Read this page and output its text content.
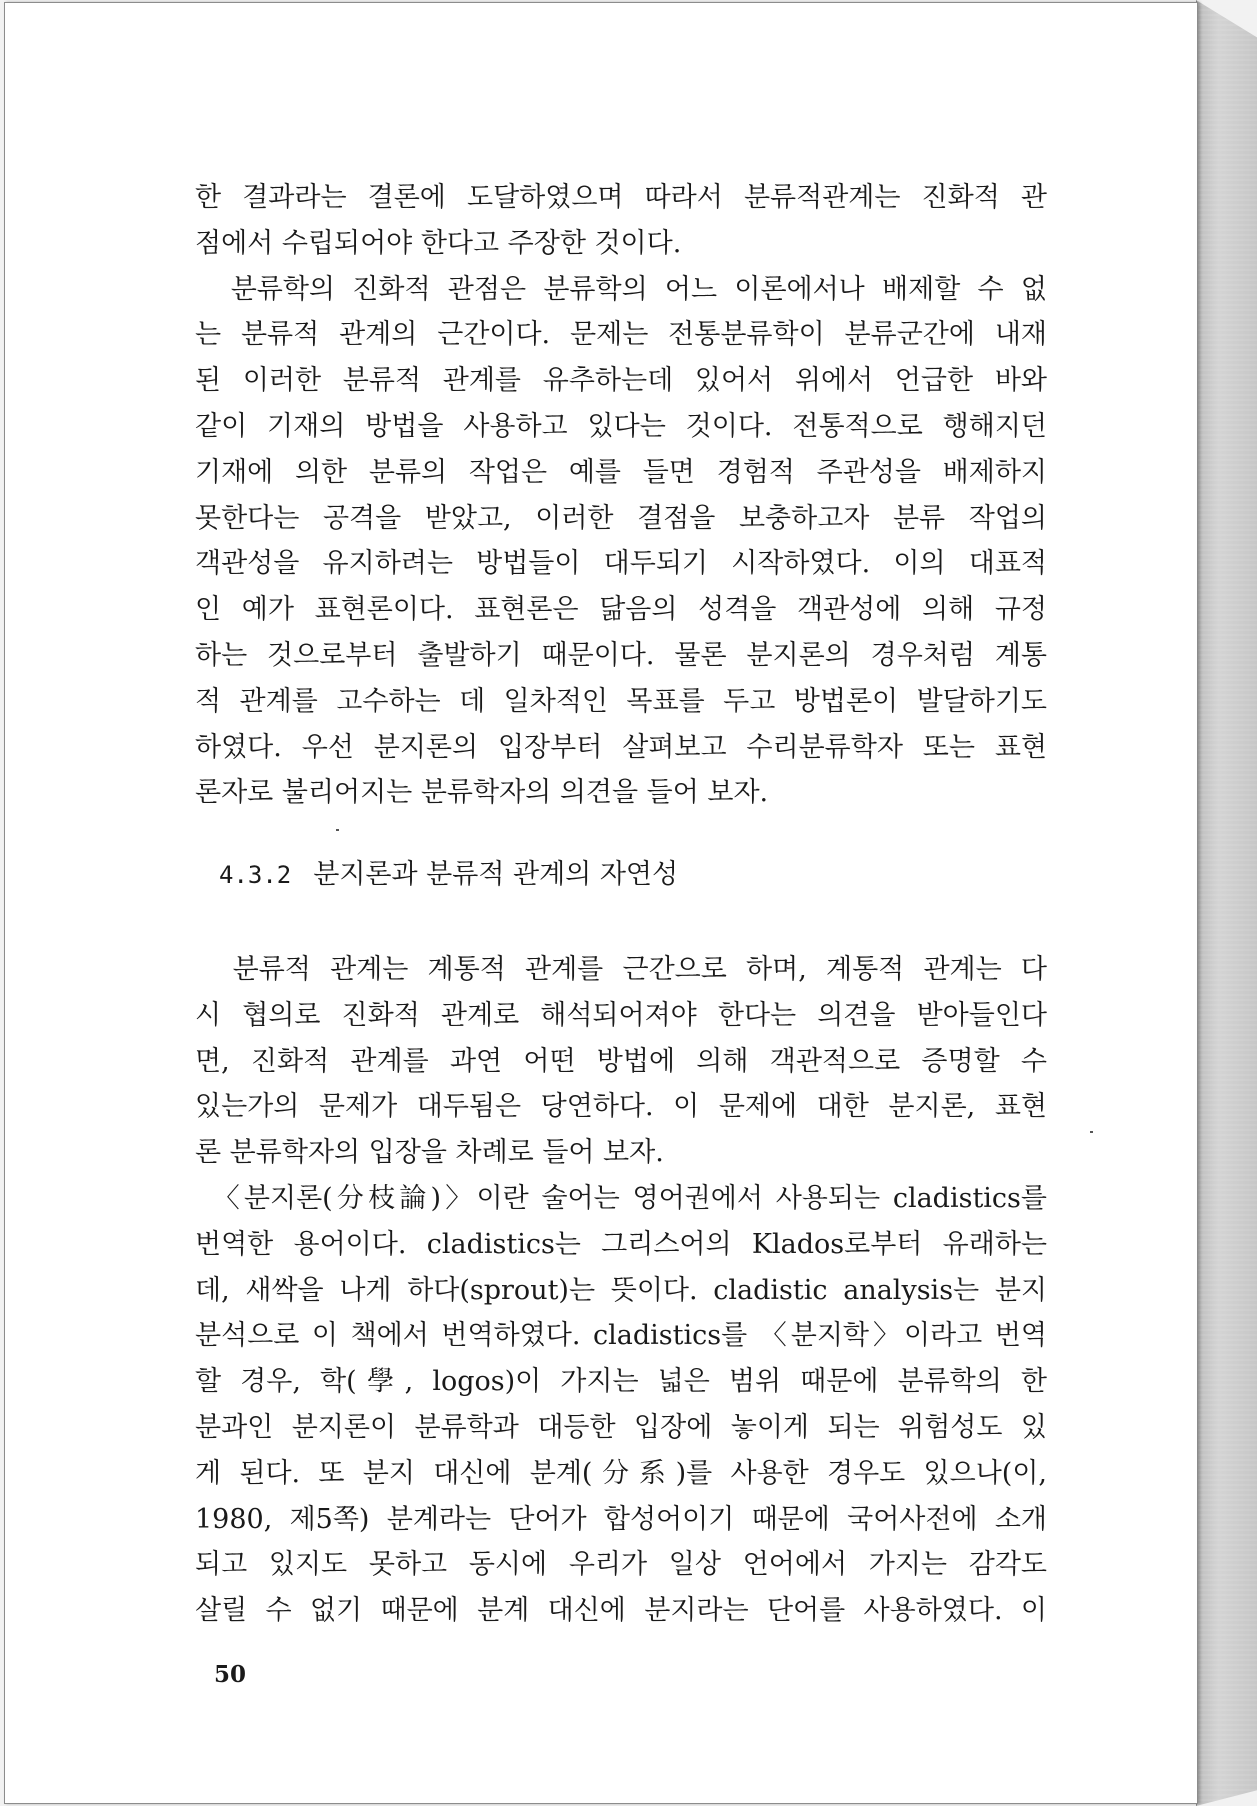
한 결과라는 결론에 도달하였으며 따라서 분류적관계는 진화적 관
점에서 수립되어야 한다고 주장한 것이다.
　분류학의 진화적 관점은 분류학의 어느 이론에서나 배제할 수 없
는 분류적 관계의 근간이다. 문제는 전통분류학이 분류군간에 내재
된 이러한 분류적 관계를 유추하는데 있어서 위에서 언급한 바와
같이 기재의 방법을 사용하고 있다는 것이다. 전통적으로 행해지던
기재에 의한 분류의 작업은 예를 들면 경험적 주관성을 배제하지
못한다는 공격을 받았고, 이러한 결점을 보충하고자 분류 작업의
객관성을 유지하려는 방법들이 대두되기 시작하였다. 이의 대표적
인 예가 표현론이다. 표현론은 닮음의 성격을 객관성에 의해 규정
하는 것으로부터 출발하기 때문이다. 물론 분지론의 경우처럼 계통
적 관계를 고수하는 데 일차적인 목표를 두고 방법론이 발달하기도
하였다. 우선 분지론의 입장부터 살펴보고 수리분류학자 또는 표현
론자로 불리어지는 분류학자의 의견을 들어 보자.
4.3.2 분지론과 분류적 관계의 자연성
　분류적 관계는 계통적 관계를 근간으로 하며, 계통적 관계는 다
시 협의로 진화적 관계로 해석되어져야 한다는 의견을 받아들인다
면, 진화적 관계를 과연 어떤 방법에 의해 객관적으로 증명할 수
있는가의 문제가 대두됨은 당연하다. 이 문제에 대한 분지론, 표현
론 분류학자의 입장을 차례로 들어 보자.
　〈분지론(分枝論)〉이란 술어는 영어권에서 사용되는 cladistics를
번역한 용어이다. cladistics는 그리스어의 Klados로부터 유래하는
데, 새싹을 나게 하다(sprout)는 뜻이다. cladistic analysis는 분지
분석으로 이 책에서 번역하였다. cladistics를 〈분지학〉이라고 번역
할 경우, 학(學, logos)이 가지는 넓은 범위 때문에 분류학의 한
분과인 분지론이 분류학과 대등한 입장에 놓이게 되는 위험성도 있
게 된다. 또 분지 대신에 분계(分系)를 사용한 경우도 있으나(이,
1980, 제5쪽) 분계라는 단어가 합성어이기 때문에 국어사전에 소개
되고 있지도 못하고 동시에 우리가 일상 언어에서 가지는 감각도
살릴 수 없기 때문에 분계 대신에 분지라는 단어를 사용하였다. 이
50
